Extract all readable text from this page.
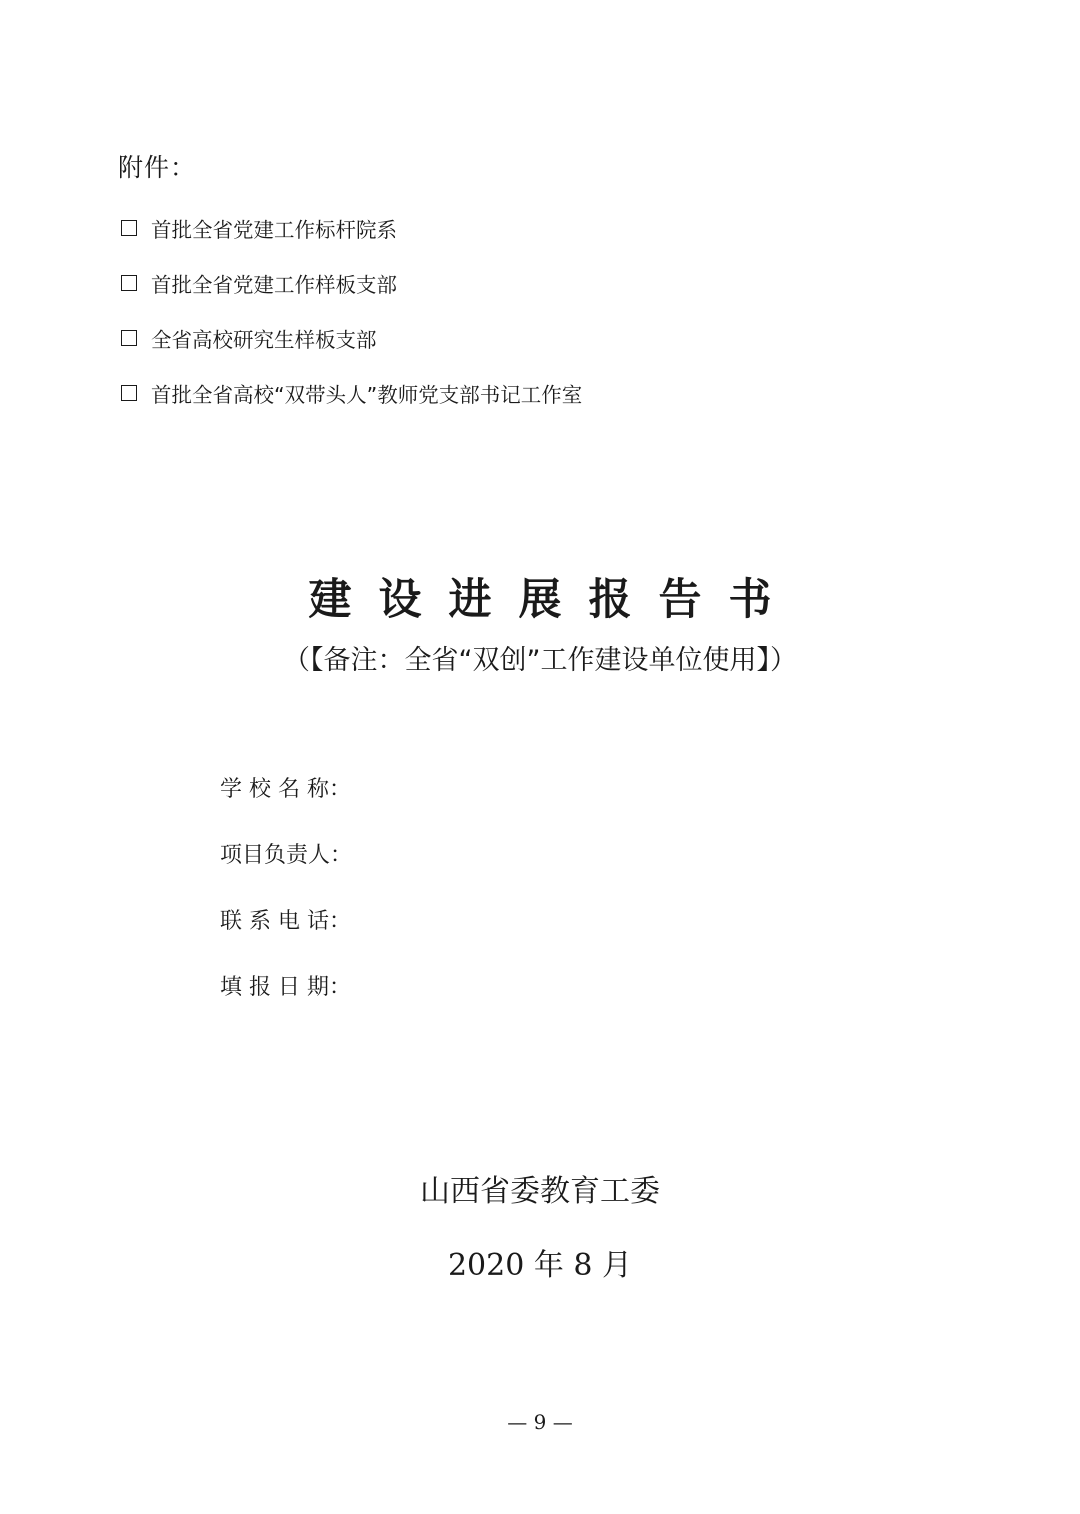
附件：
首批全省党建工作标杆院系
首批全省党建工作样板支部
全省高校研究生样板支部
首批全省高校“双带头人”教师党支部书记工作室
建设进展报告书
（【备注：全省“双创”工作建设单位使用】）
学 校 名 称：
项目负责人：
联 系 电 话：
填 报 日 期：
山西省委教育工委
2020 年 8 月
— 9 —
